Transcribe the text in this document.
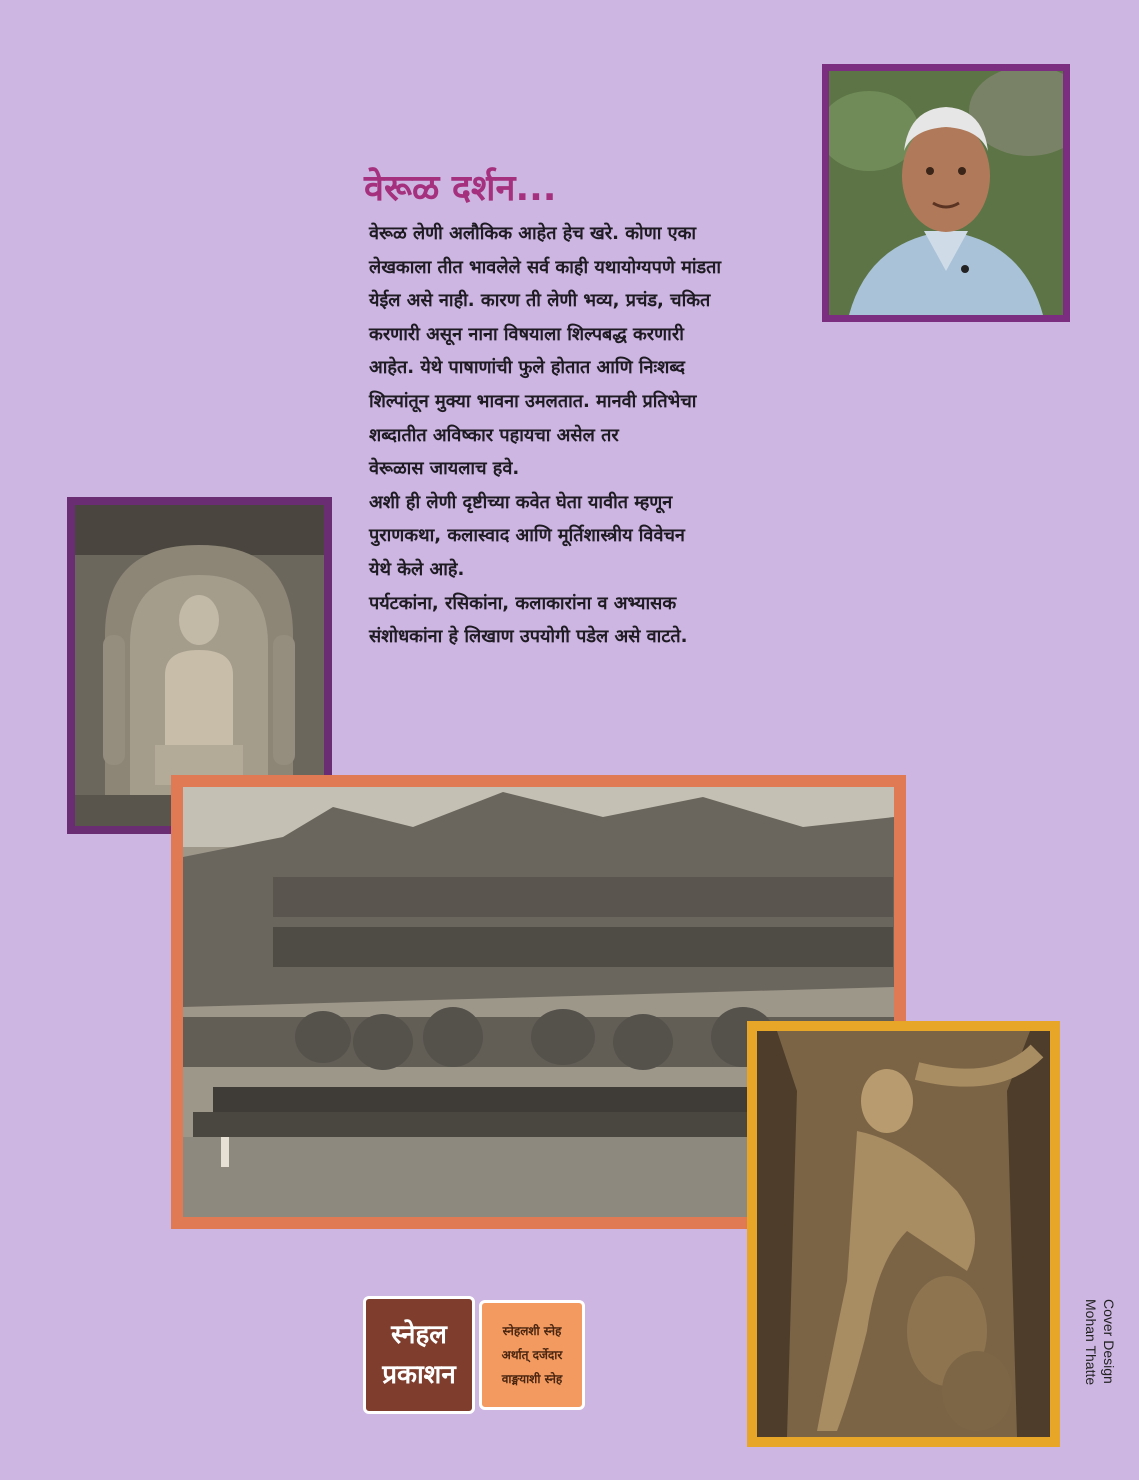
वेरूळ दर्शन...
वेरूळ लेणी अलौकिक आहेत हेच खरे. कोणा एका
लेखकाला तीत भावलेले सर्व काही यथायोग्यपणे मांडता
येईल असे नाही. कारण ती लेणी भव्य, प्रचंड, चकित
करणारी असून नाना विषयाला शिल्पबद्ध करणारी
आहेत. येथे पाषाणांची फुले होतात आणि निःशब्द
शिल्पांतून मुक्या भावना उमलतात. मानवी प्रतिभेचा
शब्दातीत अविष्कार पहायचा असेल तर
वेरूळास जायलाच हवे.
अशी ही लेणी दृष्टीच्या कवेत घेता यावीत म्हणून
पुराणकथा, कलास्वाद आणि मूर्तिशास्त्रीय विवेचन
येथे केले आहे.
पर्यटकांना, रसिकांना, कलाकारांना व अभ्यासक
संशोधकांना हे लिखाण उपयोगी पडेल असे वाटते.
स्नेहल
प्रकाशन
स्नेहलशी स्नेह
अर्थात् दर्जेदार
वाङ्मयाशी स्नेह	Cover Design
Mohan Thatte
